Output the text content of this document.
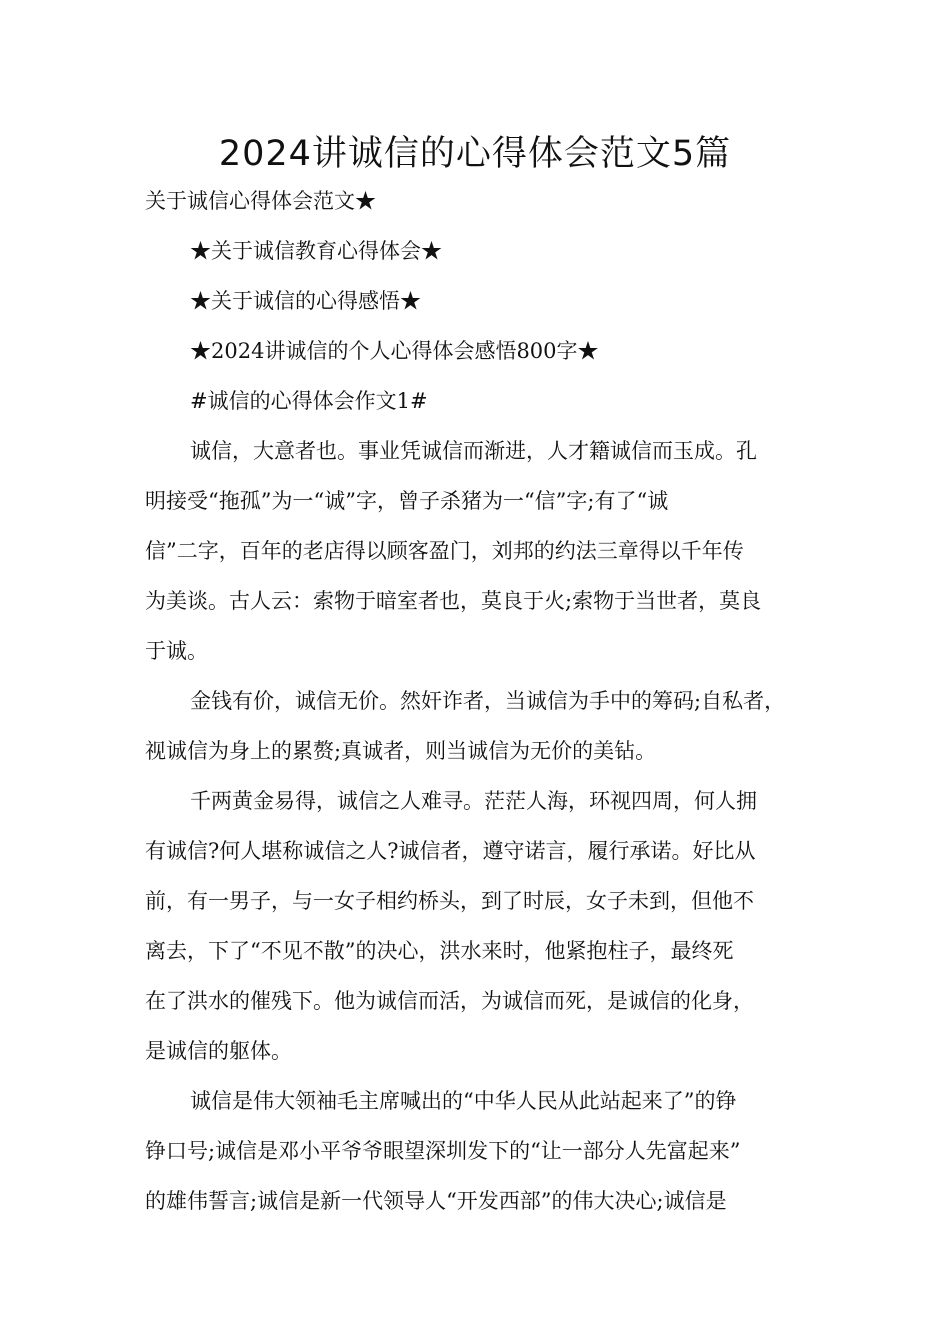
2024讲诚信的心得体会范文5篇

关于诚信心得体会范文★

★关于诚信教育心得体会★

★关于诚信的心得感悟★

★2024讲诚信的个人心得体会感悟800字★

#诚信的心得体会作文1#

诚信，大意者也。事业凭诚信而渐进，人才籍诚信而玉成。孔

明接受“拖孤”为一“诚”字，曾子杀猪为一“信”字;有了“诚

信”二字，百年的老店得以顾客盈门，刘邦的约法三章得以千年传

为美谈。古人云：索物于暗室者也，莫良于火;索物于当世者，莫良

于诚。

金钱有价，诚信无价。然奸诈者，当诚信为手中的筹码;自私者，

视诚信为身上的累赘;真诚者，则当诚信为无价的美钻。

千两黄金易得，诚信之人难寻。茫茫人海，环视四周，何人拥

有诚信?何人堪称诚信之人?诚信者，遵守诺言，履行承诺。好比从

前，有一男子，与一女子相约桥头，到了时辰，女子未到，但他不

离去，下了“不见不散”的决心，洪水来时，他紧抱柱子，最终死

在了洪水的催残下。他为诚信而活，为诚信而死，是诚信的化身，

是诚信的躯体。

诚信是伟大领袖毛主席喊出的“中华人民从此站起来了”的铮

铮口号;诚信是邓小平爷爷眼望深圳发下的“让一部分人先富起来”

的雄伟誓言;诚信是新一代领导人“开发西部”的伟大决心;诚信是
